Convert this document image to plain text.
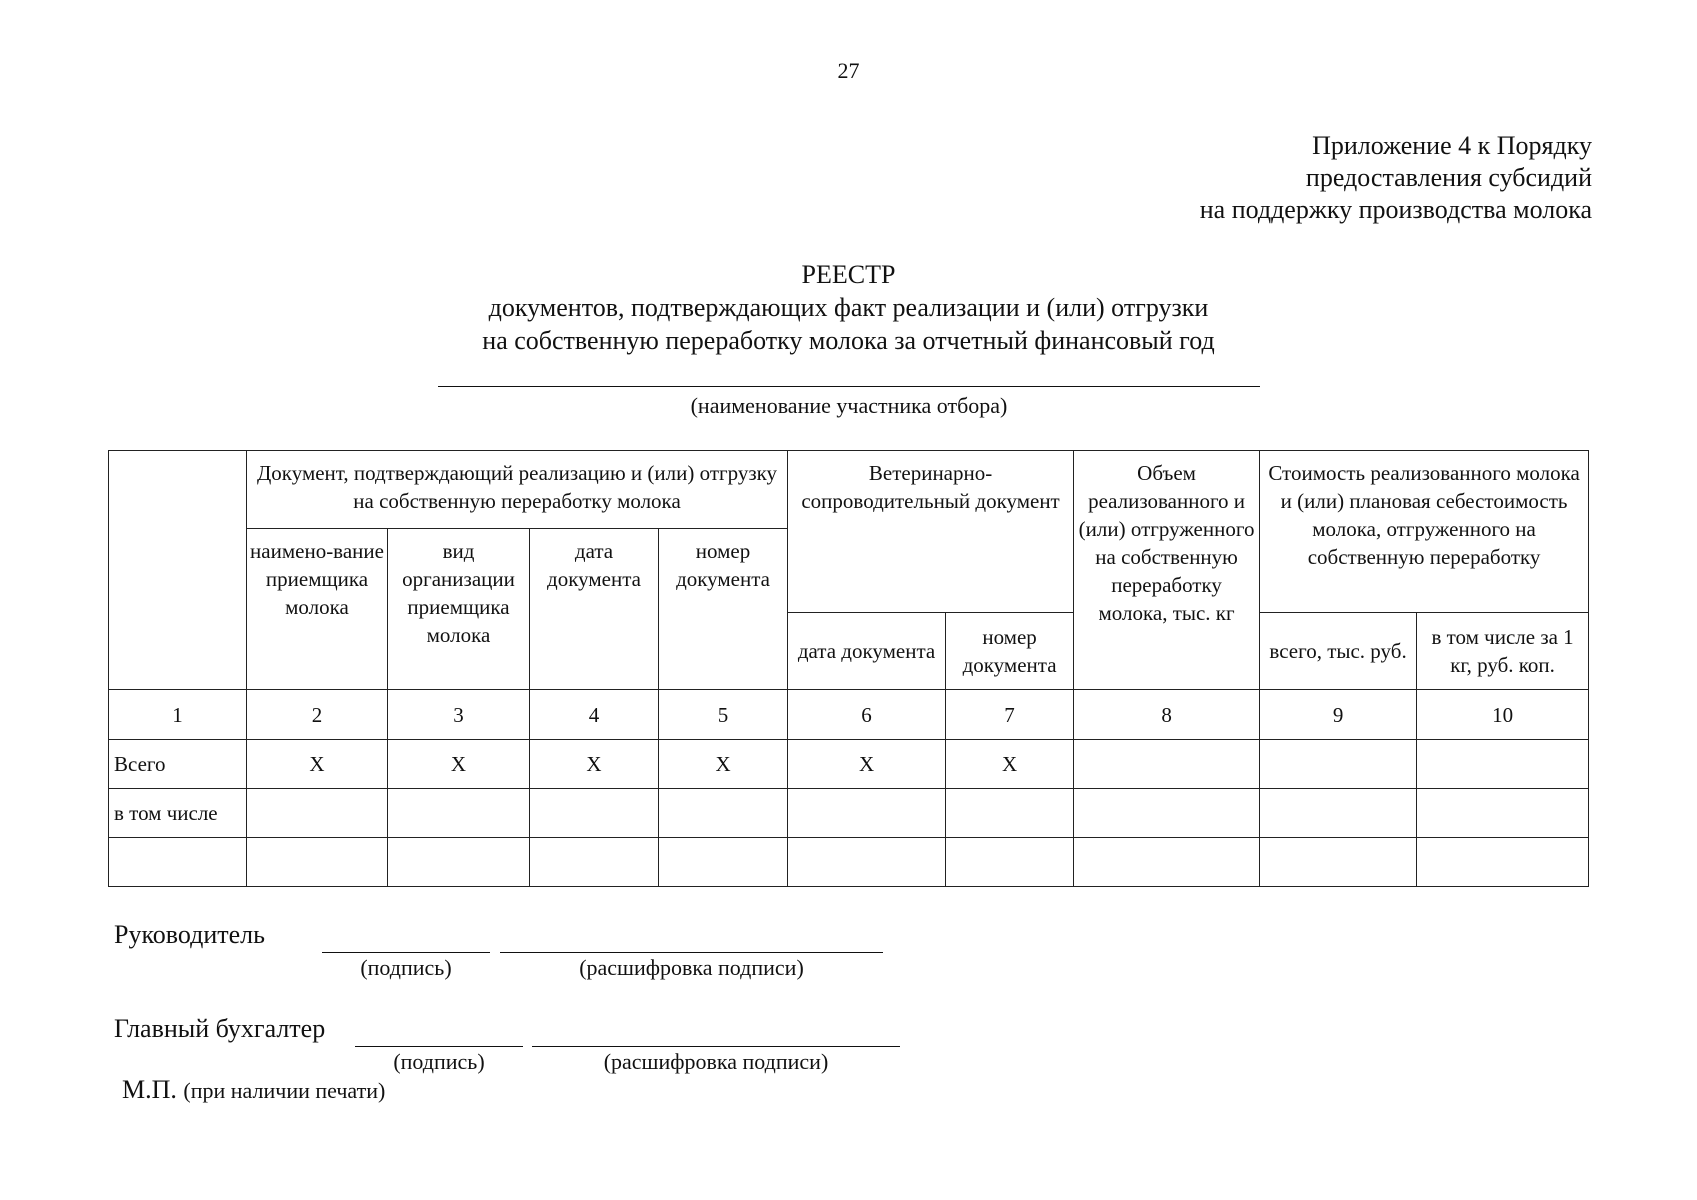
27
Приложение 4 к Порядку
предоставления субсидий
на поддержку производства молока
РЕЕСТР
документов, подтверждающих факт реализации и (или) отгрузки
на собственную переработку молока за отчетный финансовый год
(наименование участника отбора)
	Документ, подтверждающий реализацию и (или) отгрузку на собственную переработку молока				Ветеринарно-сопроводительный документ		Объем реализованного и (или) отгруженного на собственную переработку молока, тыс. кг	Стоимость реализованного молока и (или) плановая себестоимость молока, отгруженного на собственную переработку	
	наимено-вание приемщика молока	вид организации приемщика молока	дата документа	номер документа					
					дата документа	номер документа		всего, тыс. руб.	в том числе за 1 кг, руб. коп.
1	2	3	4	5	6	7	8	9	10
Всего	X	X	X	X	X	X			
в том числе									

Руководитель
(подпись)	(расшифровка подписи)
Главный бухгалтер
(подпись)	(расшифровка подписи)
М.П. (при наличии печати)
